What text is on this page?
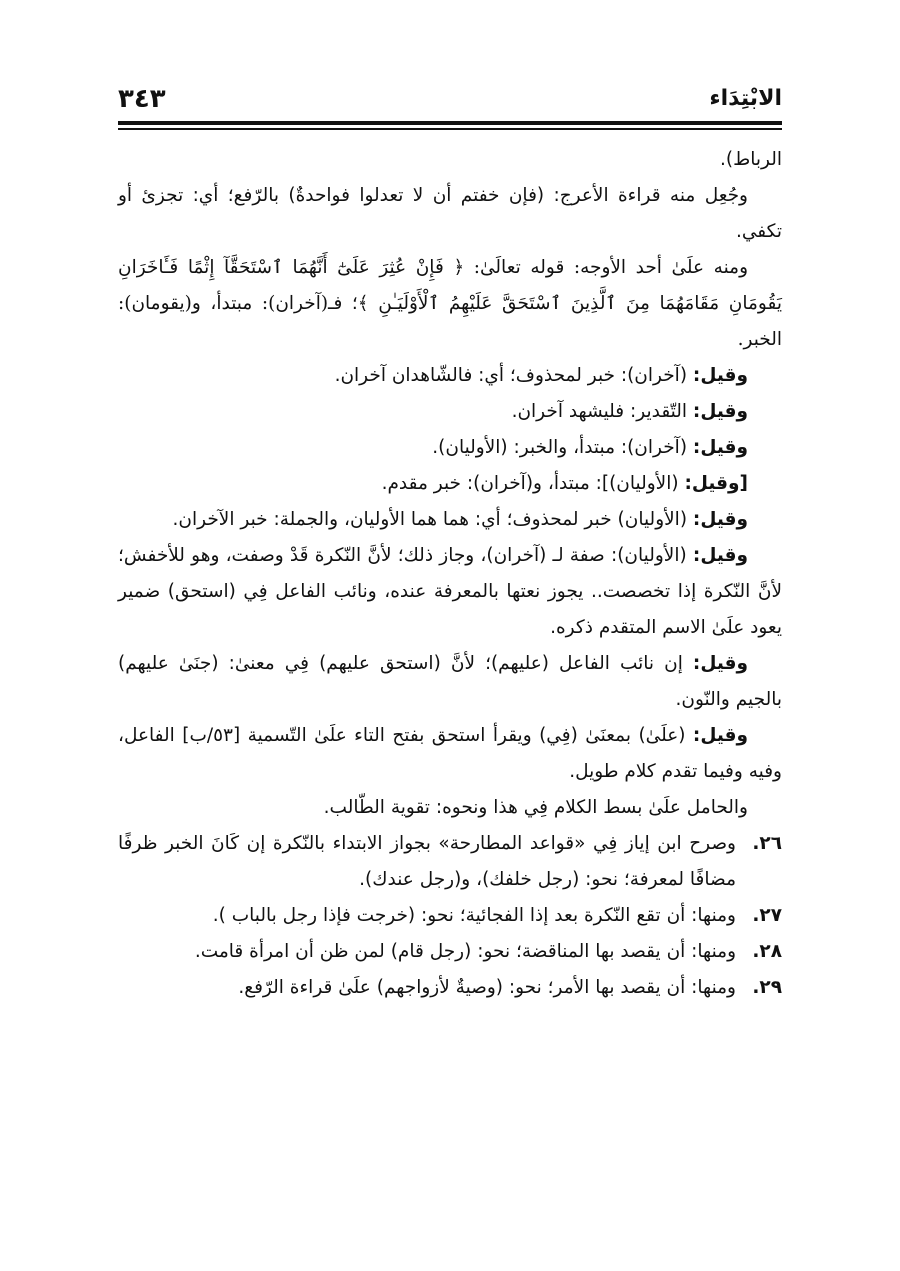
الابْتِدَاء
٣٤٣

الرباط).

وجُعِل منه قراءة الأعرج: (فإن خفتم أن لا تعدلوا فواحدةٌ) بالرّفع؛ أي: تجزئ أو تكفي.

ومنه علَىٰ أحد الأوجه: قوله تعالَىٰ: ﴿ فَإِنْ عُثِرَ عَلَىٰٓ أَنَّهُمَا ٱسْتَحَقَّآ إِثْمًا فَـَٔاخَرَانِ يَقُومَانِ مَقَامَهُمَا مِنَ ٱلَّذِينَ ٱسْتَحَقَّ عَلَيْهِمُ ٱلْأَوْلَيَـٰنِ ﴾؛ فـ(آخران): مبتدأ، و(يقومان): الخبر.

وقيل: (آخران): خبر لمحذوف؛ أي: فالشّاهدان آخران.

وقيل: التّقدير: فليشهد آخران.

وقيل: (آخران): مبتدأ، والخبر: (الأوليان).

[وقيل: (الأوليان)]: مبتدأ، و(آخران): خبر مقدم.

وقيل: (الأوليان) خبر لمحذوف؛ أي: هما هما الأوليان، والجملة: خبر الآخران.

وقيل: (الأوليان): صفة لـ (آخران)، وجاز ذلك؛ لأنَّ النّكرة قَدْ وصفت، وهو للأخفش؛ لأنَّ النّكرة إذا تخصصت.. يجوز نعتها بالمعرفة عنده، ونائب الفاعل فِي (استحق) ضمير يعود علَىٰ الاسم المتقدم ذكره.

وقيل: إن نائب الفاعل (عليهم)؛ لأنَّ (استحق عليهم) فِي معنىٰ: (جنَىٰ عليهم) بالجيم والنّون.

وقيل: (علَىٰ) بمعنَىٰ (فِي) ويقرأ استحق بفتح التاء علَىٰ التّسمية [٥٣/ب] الفاعل، وفيه وفيما تقدم كلام طويل.

والحامل علَىٰ بسط الكلام فِي هذا ونحوه: تقوية الطّالب.

٢٦.
وصرح ابن إياز فِي «قواعد المطارحة» بجواز الابتداء بالنّكرة إن كَانَ الخبر ظرفًا مضافًا لمعرفة؛ نحو: (رجل خلفك)، و(رجل عندك).

٢٧.
ومنها: أن تقع النّكرة بعد إذا الفجائية؛ نحو: (خرجت فإذا رجل بالباب ).

٢٨.
ومنها: أن يقصد بها المناقضة؛ نحو: (رجل قام) لمن ظن أن امرأة قامت.

٢٩.
ومنها: أن يقصد بها الأمر؛ نحو: (وصيةٌ لأزواجهم) علَىٰ قراءة الرّفع.
